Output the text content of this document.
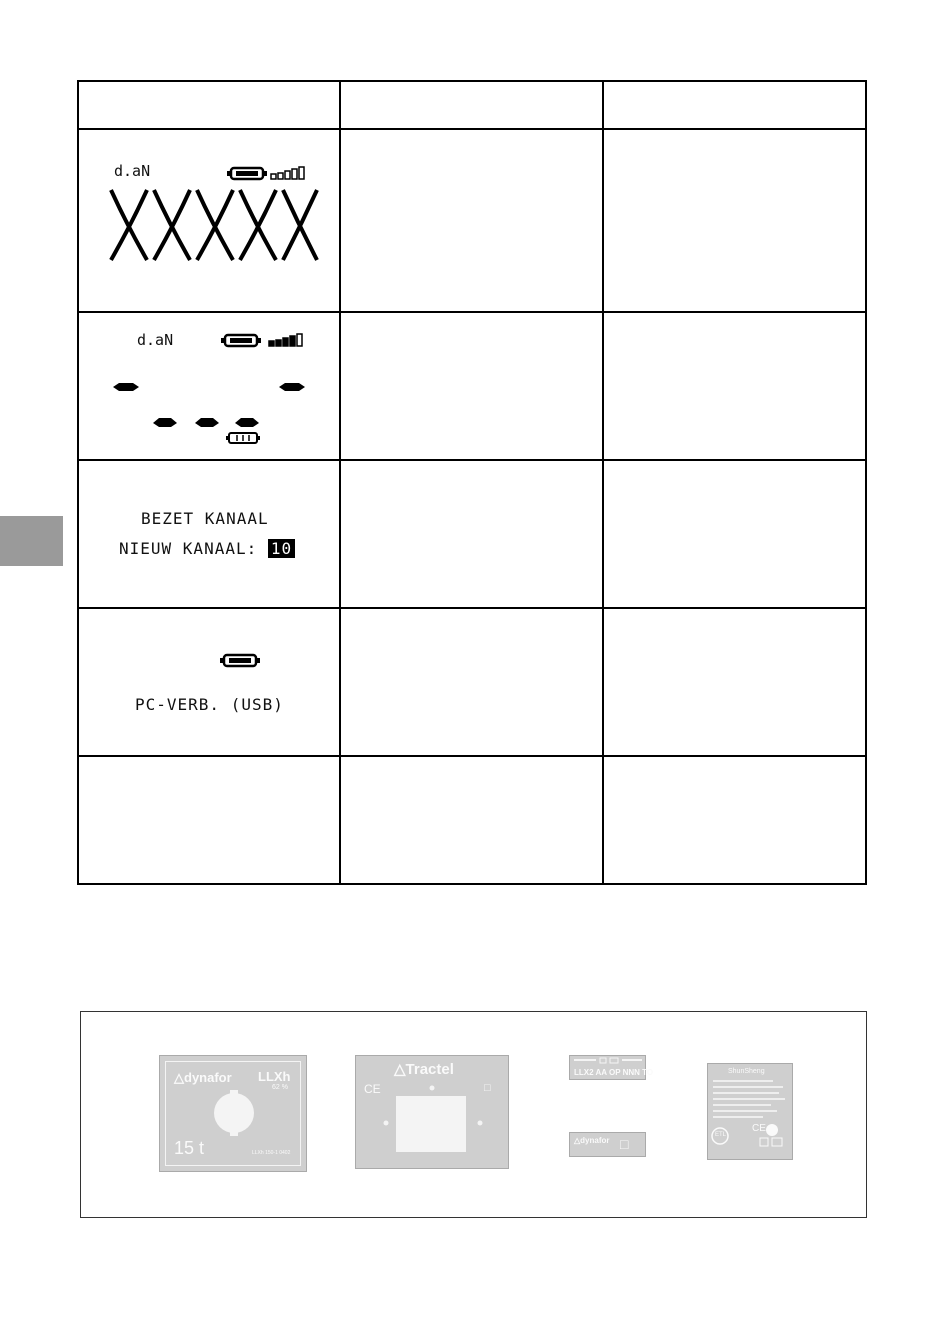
d.aN		

d.aN		

BEZET KANAAL
NIEUW KANAAL: 10		

PC-VERB. (USB)		

△dynafor LLXh
62 %
15 t	LLXh 150-1 0402
△Tractel
CE	□
LLX2 AA OP NNN TO
△dynafor □
ShunSheng
ETL
CE
